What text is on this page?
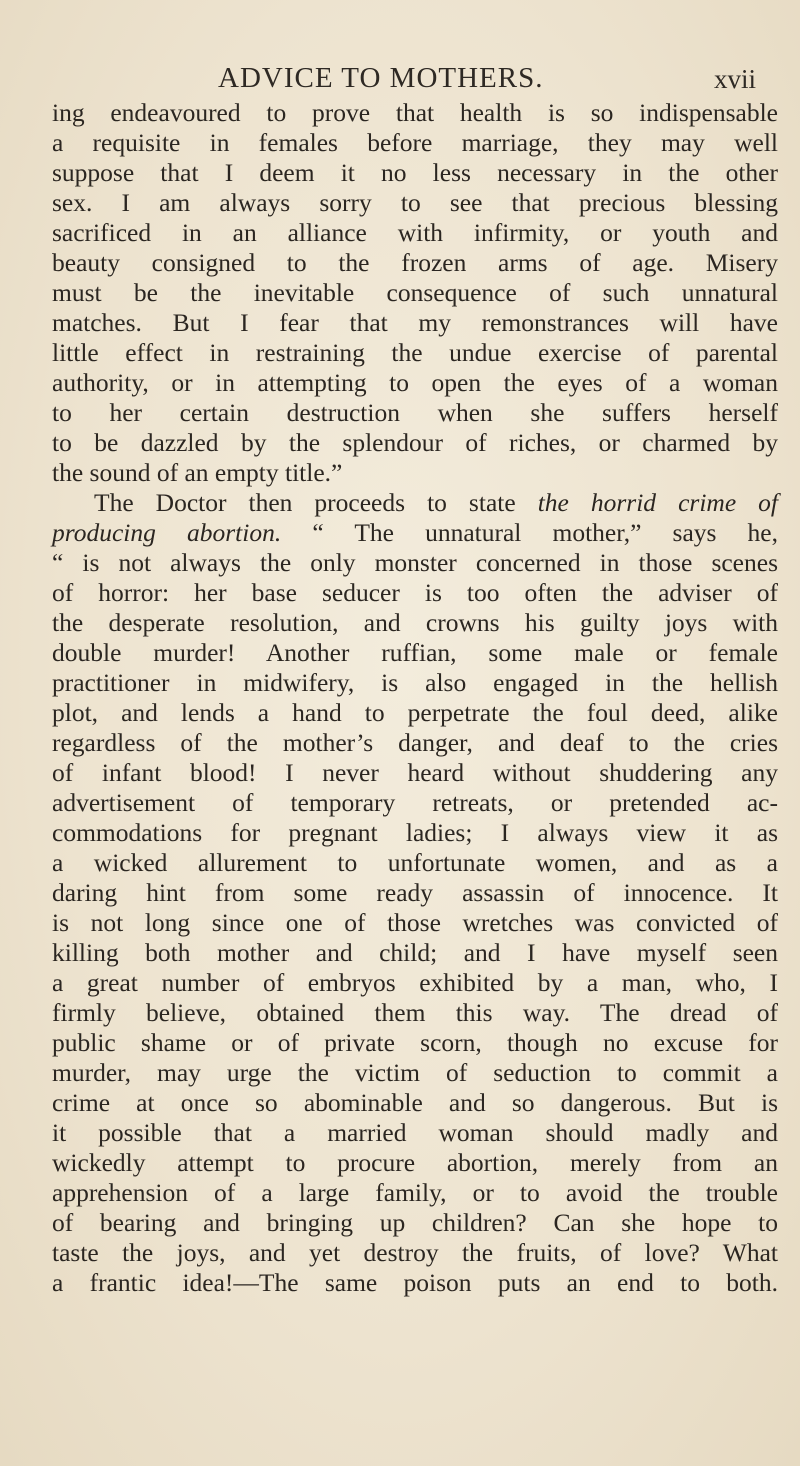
ADVICE TO MOTHERS.	xvii
ing endeavoured to prove that health is so indispensable
a requisite in females before marriage, they may well
suppose that I deem it no less necessary in the other
sex. I am always sorry to see that precious blessing
sacrificed in an alliance with infirmity, or youth and
beauty consigned to the frozen arms of age. Misery
must be the inevitable consequence of such unnatural
matches. But I fear that my remonstrances will have
little effect in restraining the undue exercise of parental
authority, or in attempting to open the eyes of a woman
to her certain destruction when she suffers herself
to be dazzled by the splendour of riches, or charmed by
the sound of an empty title.”
The Doctor then proceeds to state the horrid crime of
producing abortion. “ The unnatural mother,” says he,
“ is not always the only monster concerned in those scenes
of horror: her base seducer is too often the adviser of
the desperate resolution, and crowns his guilty joys with
double murder! Another ruffian, some male or female
practitioner in midwifery, is also engaged in the hellish
plot, and lends a hand to perpetrate the foul deed, alike
regardless of the mother’s danger, and deaf to the cries
of infant blood! I never heard without shuddering any
advertisement of temporary retreats, or pretended ac-
commodations for pregnant ladies; I always view it as
a wicked allurement to unfortunate women, and as a
daring hint from some ready assassin of innocence. It
is not long since one of those wretches was convicted of
killing both mother and child; and I have myself seen
a great number of embryos exhibited by a man, who, I
firmly believe, obtained them this way. The dread of
public shame or of private scorn, though no excuse for
murder, may urge the victim of seduction to commit a
crime at once so abominable and so dangerous. But is
it possible that a married woman should madly and
wickedly attempt to procure abortion, merely from an
apprehension of a large family, or to avoid the trouble
of bearing and bringing up children? Can she hope to
taste the joys, and yet destroy the fruits, of love? What
a frantic idea!—The same poison puts an end to both.
